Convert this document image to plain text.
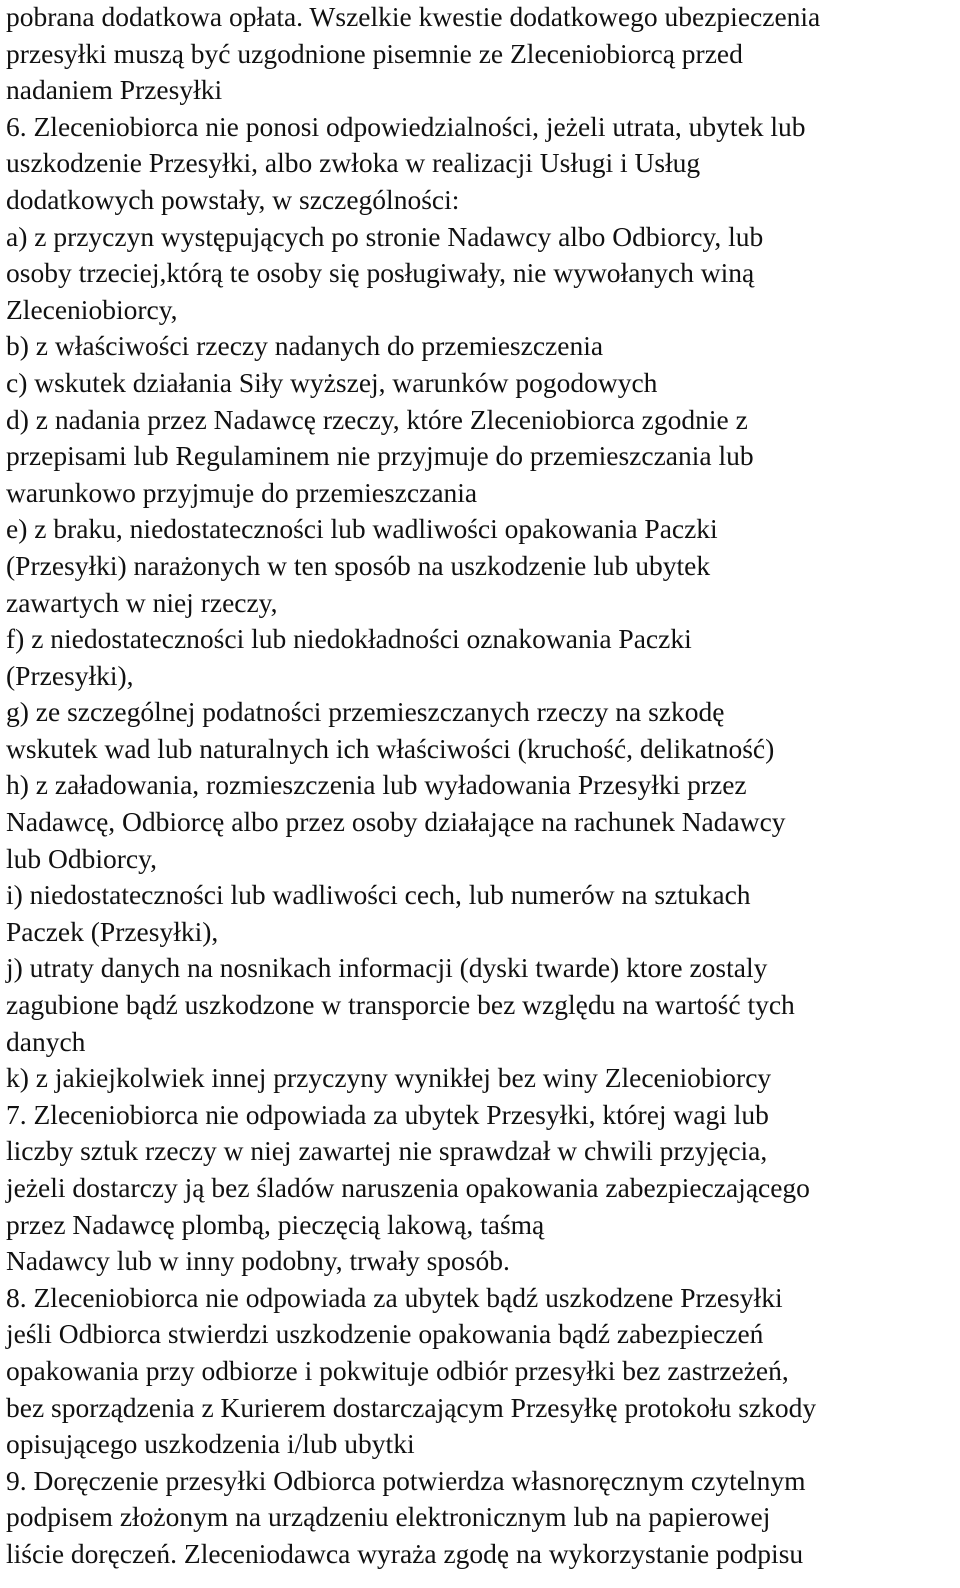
pobrana dodatkowa opłata. Wszelkie kwestie dodatkowego ubezpieczenia
przesyłki muszą być uzgodnione pisemnie ze Zleceniobiorcą przed
nadaniem Przesyłki
6. Zleceniobiorca nie ponosi odpowiedzialności, jeżeli utrata, ubytek lub
uszkodzenie Przesyłki, albo zwłoka w realizacji Usługi i Usług
dodatkowych powstały, w szczególności:
a) z przyczyn występujących po stronie Nadawcy albo Odbiorcy, lub
osoby trzeciej,którą te osoby się posługiwały, nie wywołanych winą
Zleceniobiorcy,
b) z właściwości rzeczy nadanych do przemieszczenia
c) wskutek działania Siły wyższej, warunków pogodowych
d) z nadania przez Nadawcę rzeczy, które Zleceniobiorca zgodnie z
przepisami lub Regulaminem nie przyjmuje do przemieszczania lub
warunkowo przyjmuje do przemieszczania
e) z braku, niedostateczności lub wadliwości opakowania Paczki
(Przesyłki) narażonych w ten sposób na uszkodzenie lub ubytek
zawartych w niej rzeczy,
f) z niedostateczności lub niedokładności oznakowania Paczki
(Przesyłki),
g) ze szczególnej podatności przemieszczanych rzeczy na szkodę
wskutek wad lub naturalnych ich właściwości (kruchość, delikatność)
h) z załadowania, rozmieszczenia lub wyładowania Przesyłki przez
Nadawcę, Odbiorcę albo przez osoby działające na rachunek Nadawcy
lub Odbiorcy,
i) niedostateczności lub wadliwości cech, lub numerów na sztukach
Paczek (Przesyłki),
j) utraty danych na nosnikach informacji (dyski twarde) ktore zostaly
zagubione bądź uszkodzone w transporcie bez względu na wartość tych
danych
k) z jakiejkolwiek innej przyczyny wynikłej bez winy Zleceniobiorcy
7. Zleceniobiorca nie odpowiada za ubytek Przesyłki, której wagi lub
liczby sztuk rzeczy w niej zawartej nie sprawdzał w chwili przyjęcia,
jeżeli dostarczy ją bez śladów naruszenia opakowania zabezpieczającego
przez Nadawcę plombą, pieczęcią lakową, taśmą
Nadawcy lub w inny podobny, trwały sposób.
8. Zleceniobiorca nie odpowiada za ubytek bądź uszkodzene Przesyłki
jeśli Odbiorca stwierdzi uszkodzenie opakowania bądź zabezpieczeń
opakowania przy odbiorze i pokwituje odbiór przesyłki bez zastrzeżeń,
bez sporządzenia z Kurierem dostarczającym Przesyłkę protokołu szkody
opisującego uszkodzenia i/lub ubytki
9. Doręczenie przesyłki Odbiorca potwierdza własnoręcznym czytelnym
podpisem złożonym na urządzeniu elektronicznym lub na papierowej
liście doręczeń. Zleceniodawca wyraża zgodę na wykorzystanie podpisu
